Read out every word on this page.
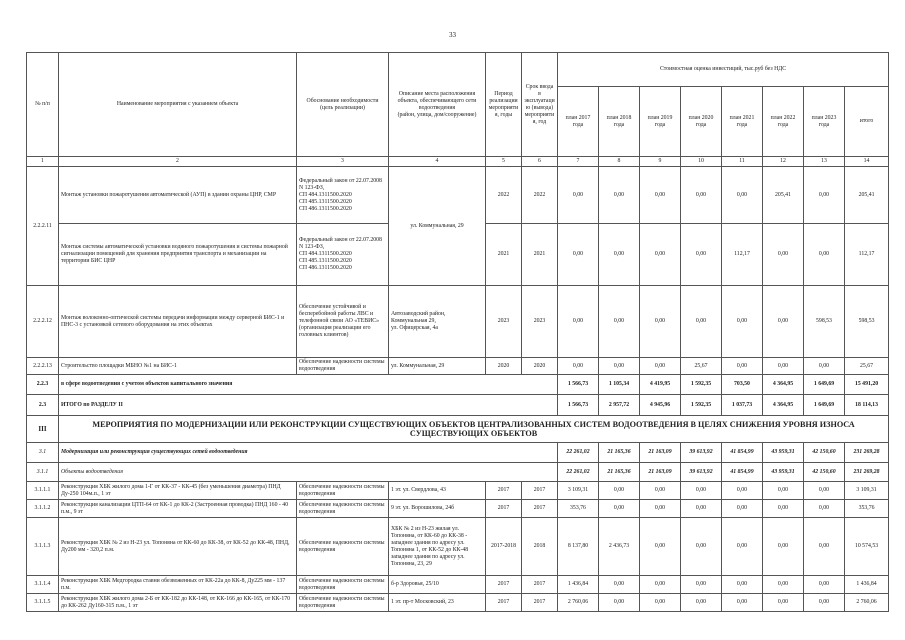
33
№ п/п	Наименование мероприятия с указанием объекта	Обоснование необходимости
(цель реализации)	Описание места расположения объекта, обеспечивающего сети водоотведения
(район, улица, дом/сооружение)	Период реализации мероприятия, годы	Срок ввода в эксплуатацию (вывода) мероприятия, год	Стоимостная оценка инвестиций, тыс.руб без НДС							
						план 2017 года	план 2018 года	план 2019 года	план 2020 года	план 2021 года	план 2022 года	план 2023 года	итого
1	2	3	4	5	6	7	8	9	10	11	12	13	14
2.2.2.11	Монтаж установки пожаротушения автоматической (АУП) в здании охраны ЦНР, СМР	Федеральный закон от 22.07.2008 N 123-ФЗ,
СП 484.1311500.2020
СП 485.1311500.2020
СП 486.1311500.2020	ул. Коммунальная, 29	2022	2022	0,00	0,00	0,00	0,00	0,00	205,41	0,00	205,41
	Монтаж системы автоматической установки водяного пожаротушения и системы пожарной сигнализации помещений для хранения предприятия транспорта и механизации на территории БИС ЦНР	Федеральный закон от 22.07.2008 N 123-ФЗ,
СП 484.1311500.2020
СП 485.1311500.2020
СП 486.1311500.2020		2021	2021	0,00	0,00	0,00	0,00	112,17	0,00	0,00	112,17
2.2.2.12	Монтаж волоконно-оптической системы передачи информации между серверной БИС-1 и ПНС-3 с установкой сетевого оборудования на этих объектах	Обеспечение устойчивой и бесперебойной работы ЛВС и телефонной связи АО «ТЕВИС» (организация реализации его головных клиентов)	Автозаводский район,
Коммунальная 29,
ул. Офицерская, 4а	2023	2023	0,00	0,00	0,00	0,00	0,00	0,00	598,53	598,53
2.2.2.13	Строительство площадки МБНО №1 на БИС-1	Обеспечение надежности системы водоотведения	ул. Коммунальная, 29	2020	2020	0,00	0,00	0,00	25,67	0,00	0,00	0,00	25,67
2.2.3	в сфере водоотведения с учетом объектов капитального значения					1 566,73	1 105,34	4 419,95	1 592,35	703,50	4 364,95	1 649,69	15 491,20
2.3	ИТОГО по РАЗДЕЛУ II					1 566,73	2 957,72	4 945,96	1 592,35	1 037,73	4 364,95	1 649,69	18 114,13
III	МЕРОПРИЯТИЯ ПО МОДЕРНИЗАЦИИ ИЛИ РЕКОНСТРУКЦИИ СУЩЕСТВУЮЩИХ ОБЪЕКТОВ ЦЕНТРАЛИЗОВАННЫХ СИСТЕМ ВОДООТВЕДЕНИЯ В ЦЕЛЯХ СНИЖЕНИЯ УРОВНЯ ИЗНОСА СУЩЕСТВУЮЩИХ ОБЪЕКТОВ												
3.1	Модернизация или реконструкция существующих сетей водоотведения					22 261,02	21 165,36	21 163,09	39 613,92	41 854,99	43 959,31	42 150,60	231 269,28
3.1.1	Объекты водоотведения					22 261,02	21 165,36	21 163,09	39 613,92	41 854,99	43 959,31	42 150,60	231 269,28
3.1.1.1	Реконструкция ХБК жилого дома 1-Г от КК-37 - КК-45 (без уменьшения диаметра) ПНД Ду-250 104м.п., 1 эт	Обеспечение надежности системы водоотведения	1 эт. ул. Свердлова, 43	2017	2017	3 109,31	0,00	0,00	0,00	0,00	0,00	0,00	3 109,31
3.1.1.2	Реконструкция канализации ЦТП-64 от КК-1 до КК-2 (Застроенная проводка) ПНД 160 - 40 п.м., 9 эт	Обеспечение надежности системы водоотведения	9 эт. ул. Ворошилова, 24б	2017	2017	353,76	0,00	0,00	0,00	0,00	0,00	0,00	353,76
3.1.1.3	Реконструкция ХБК № 2 из Н-23 ул. Топоняна от КК-60 до КК-38, от КК-52 до КК-48, ПНД, Ду200 мм - 320,2 п.м.	Обеспечение надежности системы водоотведения	ХБК № 2 из Н-23 жилая ул. Топоняна, от КК-60 до КК-38 - западнее здания по адресу ул. Топоняна 1, от КК-52 до КК-48 западнее здания по адресу ул. Топоняна, 23, 29	2017-2018	2018	8 137,80	2 436,73	0,00	0,00	0,00	0,00	0,00	10 574,53
3.1.1.4	Реконструкция ХБК Медгородка ставни обезвоженных от КК-22а до КК-8, Ду225 мм - 137 п.м.	Обеспечение надежности системы водоотведения	б-р Здоровья, 25/10	2017	2017	1 436,84	0,00	0,00	0,00	0,00	0,00	0,00	1 436,84
3.1.1.5	Реконструкция ХБК жилого дома 2-Б от КК-182 до КК-148, от КК-166 до КК-165, от КК-170 до КК-262 Ду160-315 п.м., 1 эт	Обеспечение надежности системы водоотведения	1 эт. пр-т Московский, 23	2017	2017	2 760,06	0,00	0,00	0,00	0,00	0,00	0,00	2 760,06
